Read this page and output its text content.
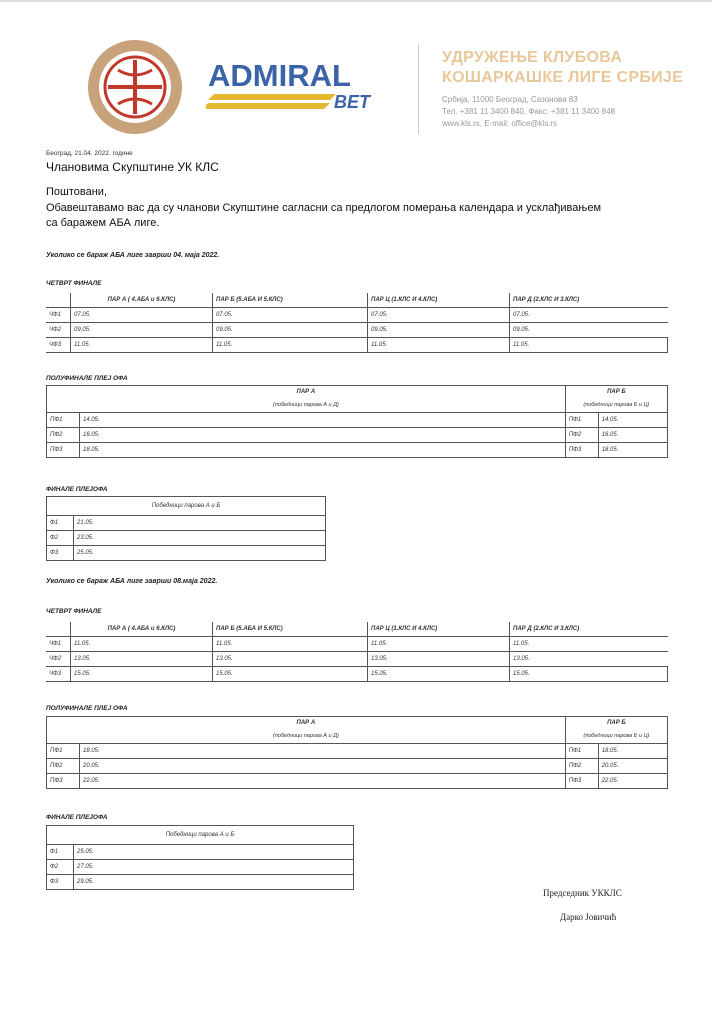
ADMIRAL
BET
УДРУЖЕЊЕ КЛУБОВА
КОШАРКАШКЕ ЛИГЕ СРБИЈЕ
Србија, 11000 Београд, Сазонова 83
Тел. +381 11 3400 840, Факс: +381 11 3400 848
www.kls.rs, E-mail: office@kls.rs
Београд, 21.04. 2022. године
Члановима Скупштине УК КЛС
Поштовани,
Обавештавамо вас да су чланови Скупштине сагласни са предлогом померања календара и усклађивањем са баражем АБА лиге.
Уколико се бараж АБА лиге заврши 04. маја 2022.
ЧЕТВРТ ФИНАЛЕ
	ПАР А ( 4.АБА и 6.КЛС)	ПАР Б (5.АБА И 5.КЛС)	ПАР Ц (1.КЛС И 4.КЛС)	ПАР Д (2.КЛС И 3.КЛС)
ЧФ1	07.05.	07.05.	07.05.	07.05.
ЧФ2	09.05.	09.05.	09.05.	09.05.
ЧФ3	11.05.	11.05.	11.05.	11.05.
ПОЛУФИНАЛЕ ПЛЕЈ ОФА
ПАР А		ПАР Б	
(победници парова А и Д)		(победници парова Б и Ц)	
ПФ1	14.05.	ПФ1	14.05.
ПФ2	16.05.	ПФ2	16.05.
ПФ3	18.05.	ПФ3	18.05.
ФИНАЛЕ ПЛЕЈОФА
Победници парова А и Б	
Ф1	21.05.
Ф2	23.05.
Ф3	25.05.
Уколико се бараж АБА лиге заврши 08.маја 2022.
ЧЕТВРТ ФИНАЛЕ
	ПАР А ( 4.АБА и 6.КЛС)	ПАР Б (5.АБА И 5.КЛС)	ПАР Ц (1.КЛС И 4.КЛС)	ПАР Д (2.КЛС И 3.КЛС)
ЧФ1	11.05.	11.05.	11.05.	11.05.
ЧФ2	13.05.	13.05.	13.05.	13.05.
ЧФ3	15.05.	15.05.	15.05.	15.05.
ПОЛУФИНАЛЕ ПЛЕЈ ОФА
ПАР А		ПАР Б	
(победници парова А и Д)		(победници парова Б и Ц)	
ПФ1	18.05.	ПФ1	18.05.
ПФ2	20.05.	ПФ2	20.05.
ПФ3	22.05.	ПФ3	22.05.
ФИНАЛЕ ПЛЕЈОФА
Победници парова А и Б	
Ф1	25.05.
Ф2	27.05.
Ф3	29.05.
Председник УККЛС
Дарко Јовичић
